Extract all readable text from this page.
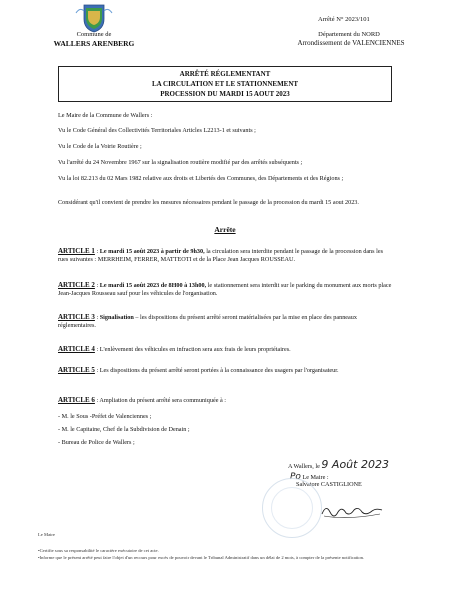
Commune de
WALLERS ARENBERG
Arrêté N° 2023/101
Département du NORD
Arrondissement de VALENCIENNES
ARRÊTÉ RÉGLEMENTANT
LA CIRCULATION ET LE STATIONNEMENT
PROCESSION DU MARDI 15 AOUT 2023
Le Maire de la Commune de Wallers :
Vu le Code Général des Collectivités Territoriales Articles L2213-1 et suivants ;
Vu le Code de la Voirie Routière ;
Vu l'arrêté du 24 Novembre 1967 sur la signalisation routière modifié par des arrêtés subséquents ;
Vu la loi 82.213 du 02 Mars 1982 relative aux droits et Libertés des Communes, des Départements et des Régions ;
Considérant qu'il convient de prendre les mesures nécessaires pendant le passage de la procession du mardi 15 aout 2023.
Arrête
ARTICLE 1 : Le mardi 15 août 2023 à partir de 9h30, la circulation sera interdite pendant le passage de la procession dans les rues suivantes : MERRHEIM, FERRER, MATTEOTI et de la Place Jean Jacques ROUSSEAU.
ARTICLE 2 : Le mardi 15 août 2023 de 8H00 à 13h00, le stationnement sera interdit sur le parking du monument aux morts place Jean-Jacques Rousseau sauf pour les véhicules de l'organisation.
ARTICLE 3 : Signalisation – les dispositions du présent arrêté seront matérialisées par la mise en place des panneaux réglementaires.
ARTICLE 4 : L'enlèvement des véhicules en infraction sera aux frais de leurs propriétaires.
ARTICLE 5 : Les dispositions du présent arrêté seront portées à la connaissance des usagers par l'organisateur.
ARTICLE 6 : Ampliation du présent arrêté sera communiquée à :
- M. le Sous -Préfet de Valenciennes ;
- M. le Capitaine, Chef de la Subdivision de Denain ;
- Bureau de Police de Wallers ;
A Wallers, le 9 Août 2023
Po Le Maire :
Salvatore CASTIGLIONE
Le Maire
•Certifie sous sa responsabilité le caractère exécutoire de cet acte.
•Informe que le présent arrêté peut faire l'objet d'un recours pour excès de pouvoir devant le Tribunal Administratif dans un délai de 2 mois, à compter de la présente notification.
